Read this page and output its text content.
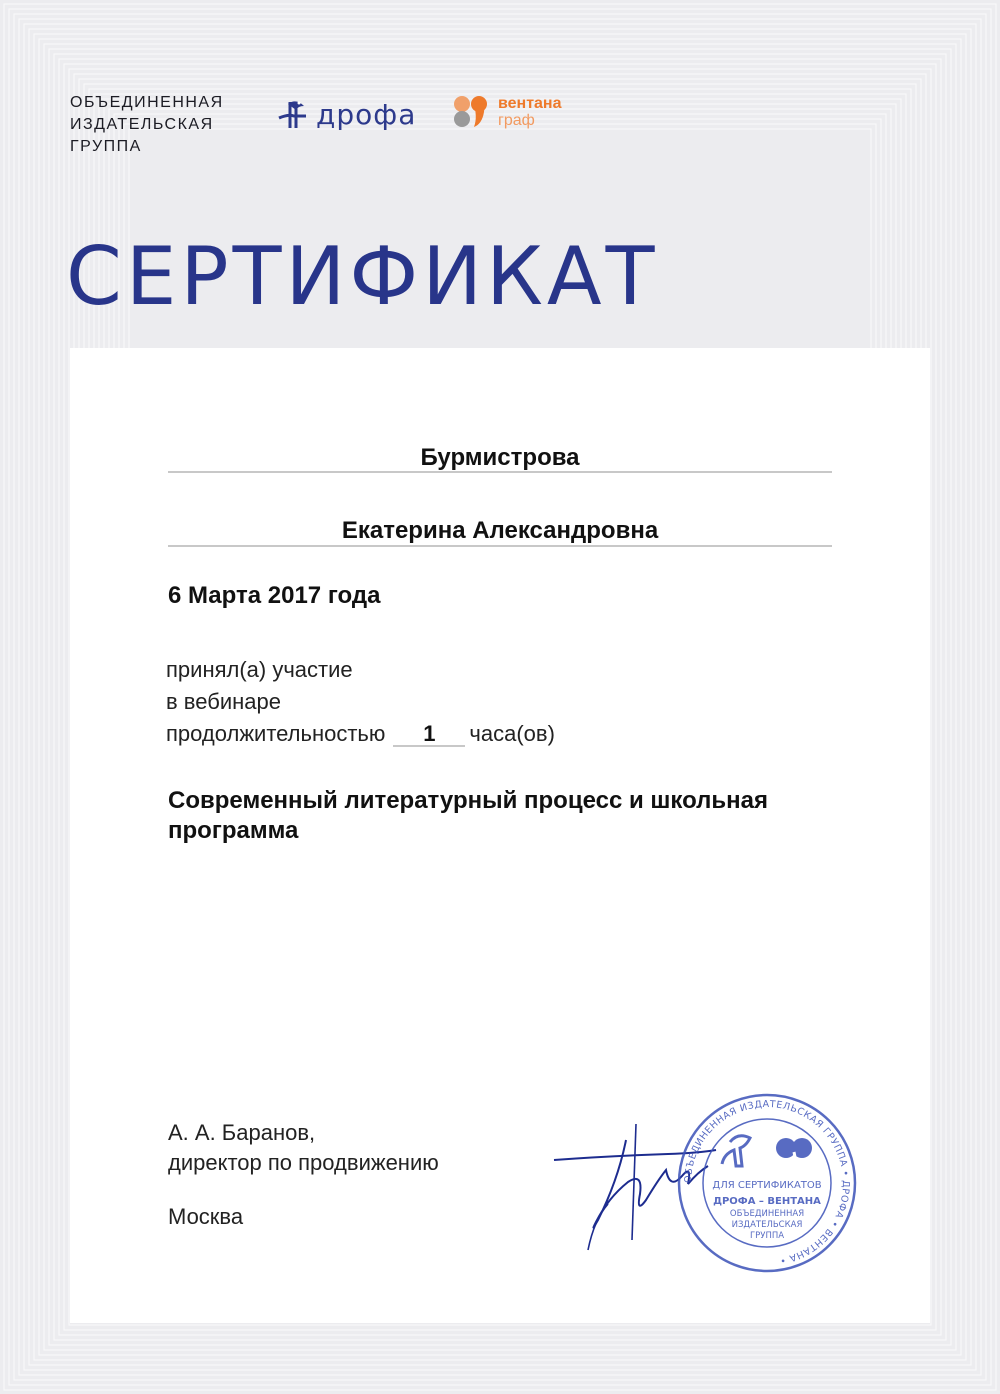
ОБЪЕДИНЕННАЯ
ИЗДАТЕЛЬСКАЯ
ГРУППА
дрофа	вентана
граф
СЕРТИФИКАТ
Бурмистрова
Екатерина Александровна
6 Марта 2017 года
принял(а) участие
в вебинаре
продолжительностью 1 часа(ов)
Современный литературный процесс и школьная программа
А. А. Баранов,
директор по продвижению
Москва
ОБЪЕДИНЕННАЯ ИЗДАТЕЛЬСКАЯ ГРУППА • ДРОФА • ВЕНТАНА •
ДЛЯ СЕРТИФИКАТОВ
ДРОФА – ВЕНТАНА
ОБЪЕДИНЕННАЯ
ИЗДАТЕЛЬСКАЯ
ГРУППА
